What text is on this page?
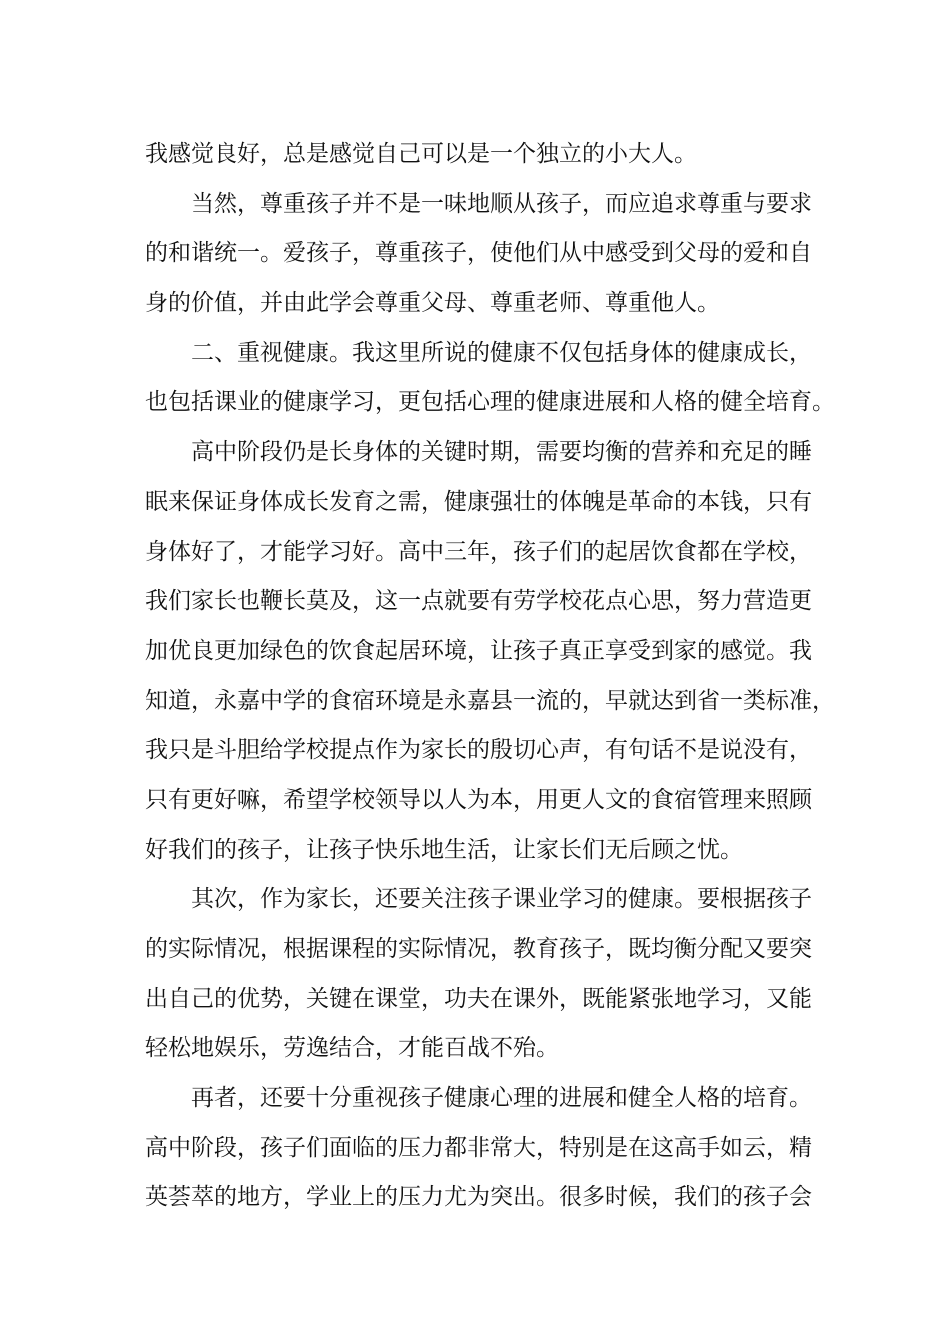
我感觉良好，总是感觉自己可以是一个独立的小大人。
当然，尊重孩子并不是一味地顺从孩子，而应追求尊重与要求
的和谐统一。爱孩子，尊重孩子，使他们从中感受到父母的爱和自
身的价值，并由此学会尊重父母、尊重老师、尊重他人。
二、重视健康。我这里所说的健康不仅包括身体的健康成长，
也包括课业的健康学习，更包括心理的健康进展和人格的健全培育。
高中阶段仍是长身体的关键时期，需要均衡的营养和充足的睡
眠来保证身体成长发育之需，健康强壮的体魄是革命的本钱，只有
身体好了，才能学习好。高中三年，孩子们的起居饮食都在学校，
我们家长也鞭长莫及，这一点就要有劳学校花点心思，努力营造更
加优良更加绿色的饮食起居环境，让孩子真正享受到家的感觉。我
知道，永嘉中学的食宿环境是永嘉县一流的，早就达到省一类标准，
我只是斗胆给学校提点作为家长的殷切心声，有句话不是说没有，
只有更好嘛，希望学校领导以人为本，用更人文的食宿管理来照顾
好我们的孩子，让孩子快乐地生活，让家长们无后顾之忧。
其次，作为家长，还要关注孩子课业学习的健康。要根据孩子
的实际情况，根据课程的实际情况，教育孩子，既均衡分配又要突
出自己的优势，关键在课堂，功夫在课外，既能紧张地学习，又能
轻松地娱乐，劳逸结合，才能百战不殆。
再者，还要十分重视孩子健康心理的进展和健全人格的培育。
高中阶段，孩子们面临的压力都非常大，特别是在这高手如云，精
英荟萃的地方，学业上的压力尤为突出。很多时候，我们的孩子会
